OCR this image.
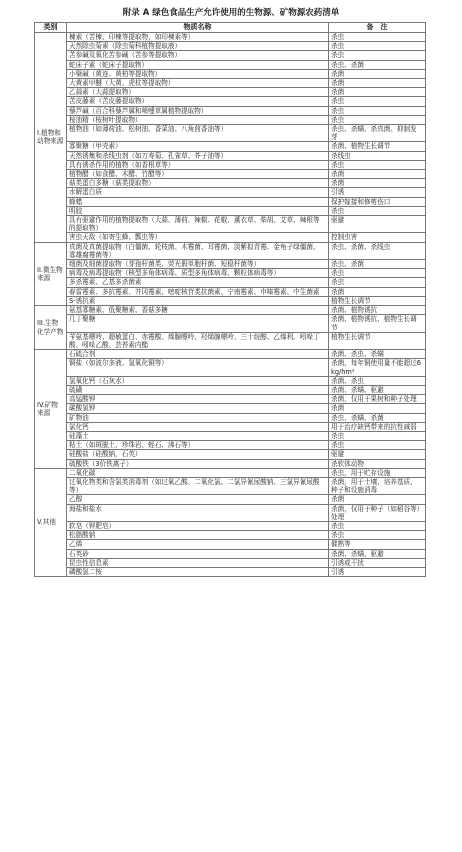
附录 A 绿色食品生产允许使用的生物源、矿物源农药清单
类别	物质名称	备　注
I.植物和动物来源	楝素（苦楝、印楝等提取物，如印楝素等）	杀虫
	天然除虫菊素（除虫菊科植物提取液）	杀虫
	苦参碱及氧化苦参碱（苦参等提取物）	杀虫
	蛇床子素（蛇床子提取物）	杀虫、杀菌
	小檗碱（黄连、黄柏等提取物）	杀菌
	大黄素甲醚（大黄、虎杖等提取物）	杀菌
	乙蒜素（大蒜提取物）	杀菌
	苦皮藤素（苦皮藤提取物）	杀虫
	藜芦碱（百合科藜芦属和喷嚏草属植物提取物）	杀虫
	桉油精（桉树叶提取物）	杀虫
	植物油（如薄荷油、松树油、香菜油、八角茴香油等）	杀虫、杀螨、杀真菌、抑制发芽
	寡聚糖（甲壳素）	杀菌、植物生长调节
	天然诱集和杀线虫剂（如万寿菊、孔雀草、芥子油等）	杀线虫
	具有诱杀作用的植物（如香根草等）	杀虫
	植物醋（如食醋、木醋、竹醋等）	杀菌
	菇类蛋白多糖（菇类提取物）	杀菌
	水解蛋白质	引诱
	蜂蜡	保护嫁接和修剪伤口
	明胶	杀虫
	具有驱避作用的植物提取物（大蒜、薄荷、辣椒、花椒、薰衣草、柴胡、艾草、辣根等的提取物）	驱避
	害虫天敌（如寄生蜂、瓢虫等）	控制虫害
II.微生物来源	真菌及真菌提取物（白僵菌、轮枝菌、木霉菌、耳霉菌、淡紫拟青霉、金龟子绿僵菌、寡雄腐霉菌等）	杀虫、杀菌、杀线虫
	细菌及细菌提取物（芽孢杆菌类、荧光假单胞杆菌、短稳杆菌等）	杀虫、杀菌
	病毒及病毒提取物（核型多角体病毒、质型多角体病毒、颗粒体病毒等）	杀虫
	多杀霉素、乙基多杀菌素	杀虫
	春雷霉素、多抗霉素、井冈霉素、嘧啶核苷类抗菌素、宁南霉素、申嗪霉素、中生菌素	杀菌
	S-诱抗素	植物生长调节
III.生物化学产物	氨基寡糖素、低聚糖素、香菇多糖	杀菌、植物诱抗
	几丁聚糖	杀菌、植物诱抗、植物生长调节
	苄氨基嘌呤、超敏蛋白、赤霉酸、烯腺嘌呤、羟烯腺嘌呤、三十烷醇、乙烯利、吲哚丁酸、吲哚乙酸、芸苔素内酯	植物生长调节
IV.矿物来源	石硫合剂	杀菌、杀虫、杀螨
	铜盐（如波尔多液、氢氧化铜等）	杀菌，每年铜使用量不能超过6kg/hm²
	氢氧化钙（石灰水）	杀菌、杀虫
	硫磺	杀菌、杀螨、驱避
	高锰酸钾	杀菌，仅用于果树和种子处理
	碳酸氢钾	杀菌
	矿物油	杀虫、杀螨、杀菌
	氯化钙	用于治疗缺钙带来的抗性减弱
	硅藻土	杀虫
	粘土（如斑脱土、珍珠岩、蛭石、沸石等）	杀虫
	硅酸盐（硅酸钠，石英）	驱避
	硫酸铁（3价铁离子）	杀软体动物
V.其他	二氧化碳	杀虫，用于贮存设施
	过氧化物类和含氯类消毒剂（如过氧乙酸、二氧化氯、二氯异氰尿酸钠、三氯异氰尿酸等）	杀菌，用于土壤、培养基质、种子和设施消毒
	乙醇	杀菌
	海盐和盐水	杀菌，仅用于种子（如稻谷等）处理
	软皂（钾肥皂）	杀虫
	松脂酸钠	杀虫
	乙烯	催熟等
	石英砂	杀菌、杀螨、驱避
	昆虫性信息素	引诱或干扰
	磷酸氢二铵	引诱
